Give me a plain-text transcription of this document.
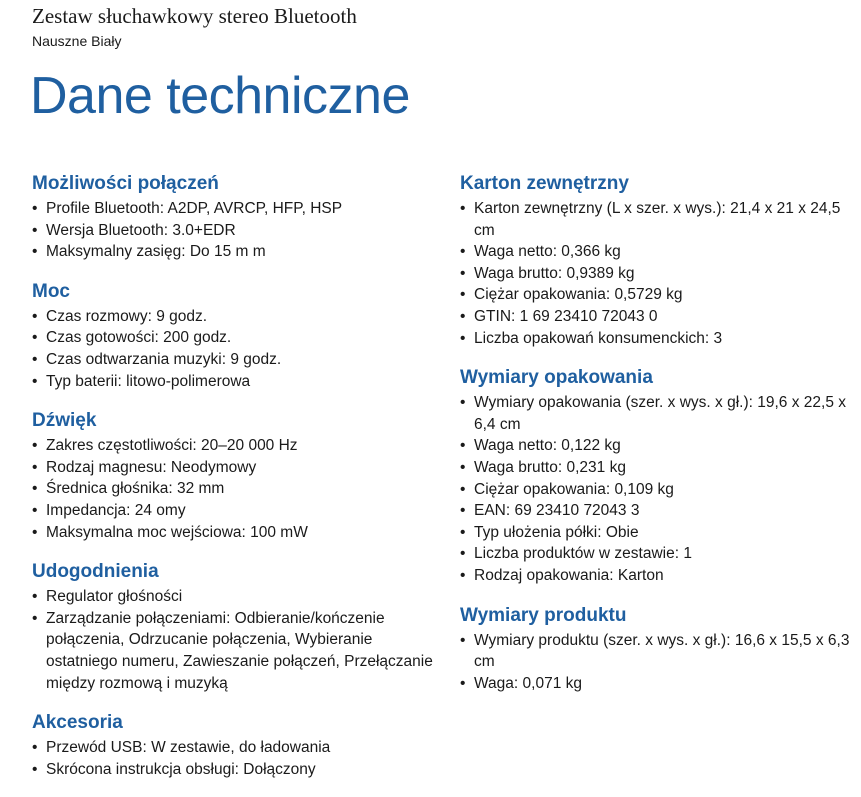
Zestaw słuchawkowy stereo Bluetooth
Nauszne Biały
Dane techniczne
Możliwości połączeń
• Profile Bluetooth: A2DP, AVRCP, HFP, HSP
• Wersja Bluetooth: 3.0+EDR
• Maksymalny zasięg: Do 15 m m
Moc
• Czas rozmowy: 9 godz.
• Czas gotowości: 200 godz.
• Czas odtwarzania muzyki: 9 godz.
• Typ baterii: litowo-polimerowa
Dźwięk
• Zakres częstotliwości: 20–20 000 Hz
• Rodzaj magnesu: Neodymowy
• Średnica głośnika: 32 mm
• Impedancja: 24 omy
• Maksymalna moc wejściowa: 100 mW
Udogodnienia
• Regulator głośności
• Zarządzanie połączeniami: Odbieranie/kończenie połączenia, Odrzucanie połączenia, Wybieranie ostatniego numeru, Zawieszanie połączeń, Przełączanie między rozmową i muzyką
Akcesoria
• Przewód USB: W zestawie, do ładowania
• Skrócona instrukcja obsługi: Dołączony
Karton zewnętrzny
• Karton zewnętrzny (L x szer. x wys.): 21,4 x 21 x 24,5 cm
• Waga netto: 0,366 kg
• Waga brutto: 0,9389 kg
• Ciężar opakowania: 0,5729 kg
• GTIN: 1 69 23410 72043 0
• Liczba opakowań konsumenckich: 3
Wymiary opakowania
• Wymiary opakowania (szer. x wys. x gł.): 19,6 x 22,5 x 6,4 cm
• Waga netto: 0,122 kg
• Waga brutto: 0,231 kg
• Ciężar opakowania: 0,109 kg
• EAN: 69 23410 72043 3
• Typ ułożenia półki: Obie
• Liczba produktów w zestawie: 1
• Rodzaj opakowania: Karton
Wymiary produktu
• Wymiary produktu (szer. x wys. x gł.): 16,6 x 15,5 x 6,3 cm
• Waga: 0,071 kg
